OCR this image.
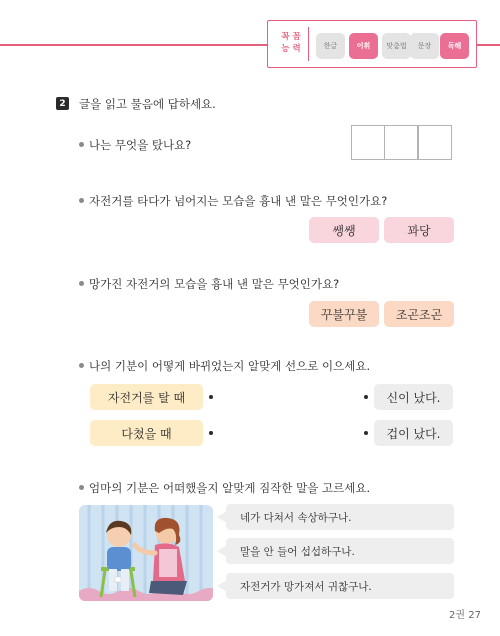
꼭 꼼
능 력	한글	어휘	맞춤법	문장	독해
2 글을 읽고 물음에 답하세요.
나는 무엇을 탔나요?
자전거를 타다가 넘어지는 모습을 흉내 낸 말은 무엇인가요?
쌩쌩	꽈당
망가진 자전거의 모습을 흉내 낸 말은 무엇인가요?
꾸불꾸불	조곤조곤
나의 기분이 어떻게 바뀌었는지 알맞게 선으로 이으세요.
자전거를 탈 때
다쳤을 때
신이 났다.
겁이 났다.
엄마의 기분은 어떠했을지 알맞게 짐작한 말을 고르세요.
네가 다쳐서 속상하구나.
말을 안 들어 섭섭하구나.
자전거가 망가져서 귀찮구나.
2권 27
